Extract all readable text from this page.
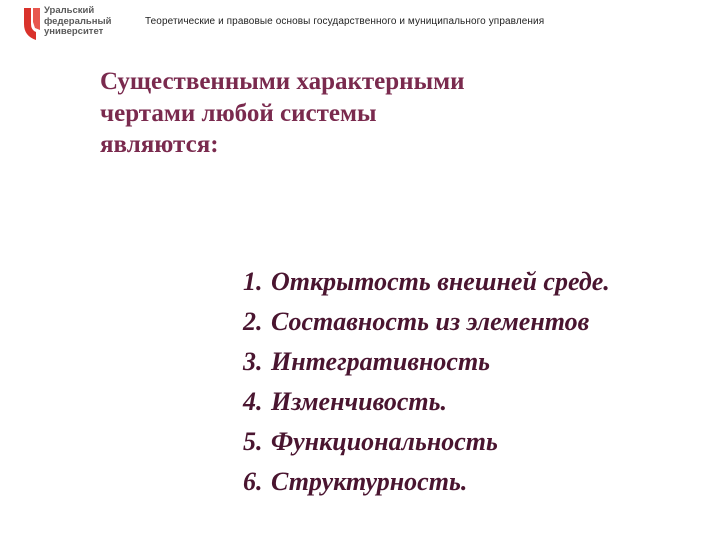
Уральский
федеральный
университет
Теоретические и правовые основы государственного и муниципального управления
Существенными характерными
чертами любой системы
являются:
1. Открытость внешней среде.
2. Составность из элементов
3. Интегративность
4. Изменчивость.
5. Функциональность
6. Структурность.
